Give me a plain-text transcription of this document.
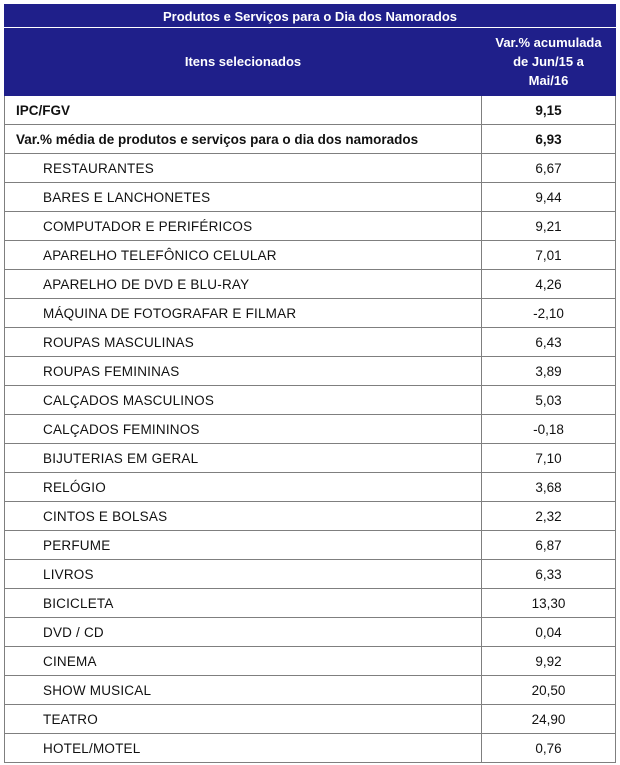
Produtos e Serviços para o Dia dos Namorados	
Itens selecionados	Var.% acumulada
de Jun/15 a
Mai/16

IPC/FGV	9,15
Var.% média de produtos e serviços para o dia dos namorados	6,93
RESTAURANTES	6,67
BARES E LANCHONETES	9,44
COMPUTADOR E PERIFÉRICOS	9,21
APARELHO TELEFÔNICO CELULAR	7,01
APARELHO DE DVD E BLU-RAY	4,26
MÁQUINA DE FOTOGRAFAR E FILMAR	-2,10
ROUPAS MASCULINAS	6,43
ROUPAS FEMININAS	3,89
CALÇADOS MASCULINOS	5,03
CALÇADOS FEMININOS	-0,18
BIJUTERIAS EM GERAL	7,10
RELÓGIO	3,68
CINTOS E BOLSAS	2,32
PERFUME	6,87
LIVROS	6,33
BICICLETA	13,30
DVD / CD	0,04
CINEMA	9,92
SHOW MUSICAL	20,50
TEATRO	24,90
HOTEL/MOTEL	0,76
